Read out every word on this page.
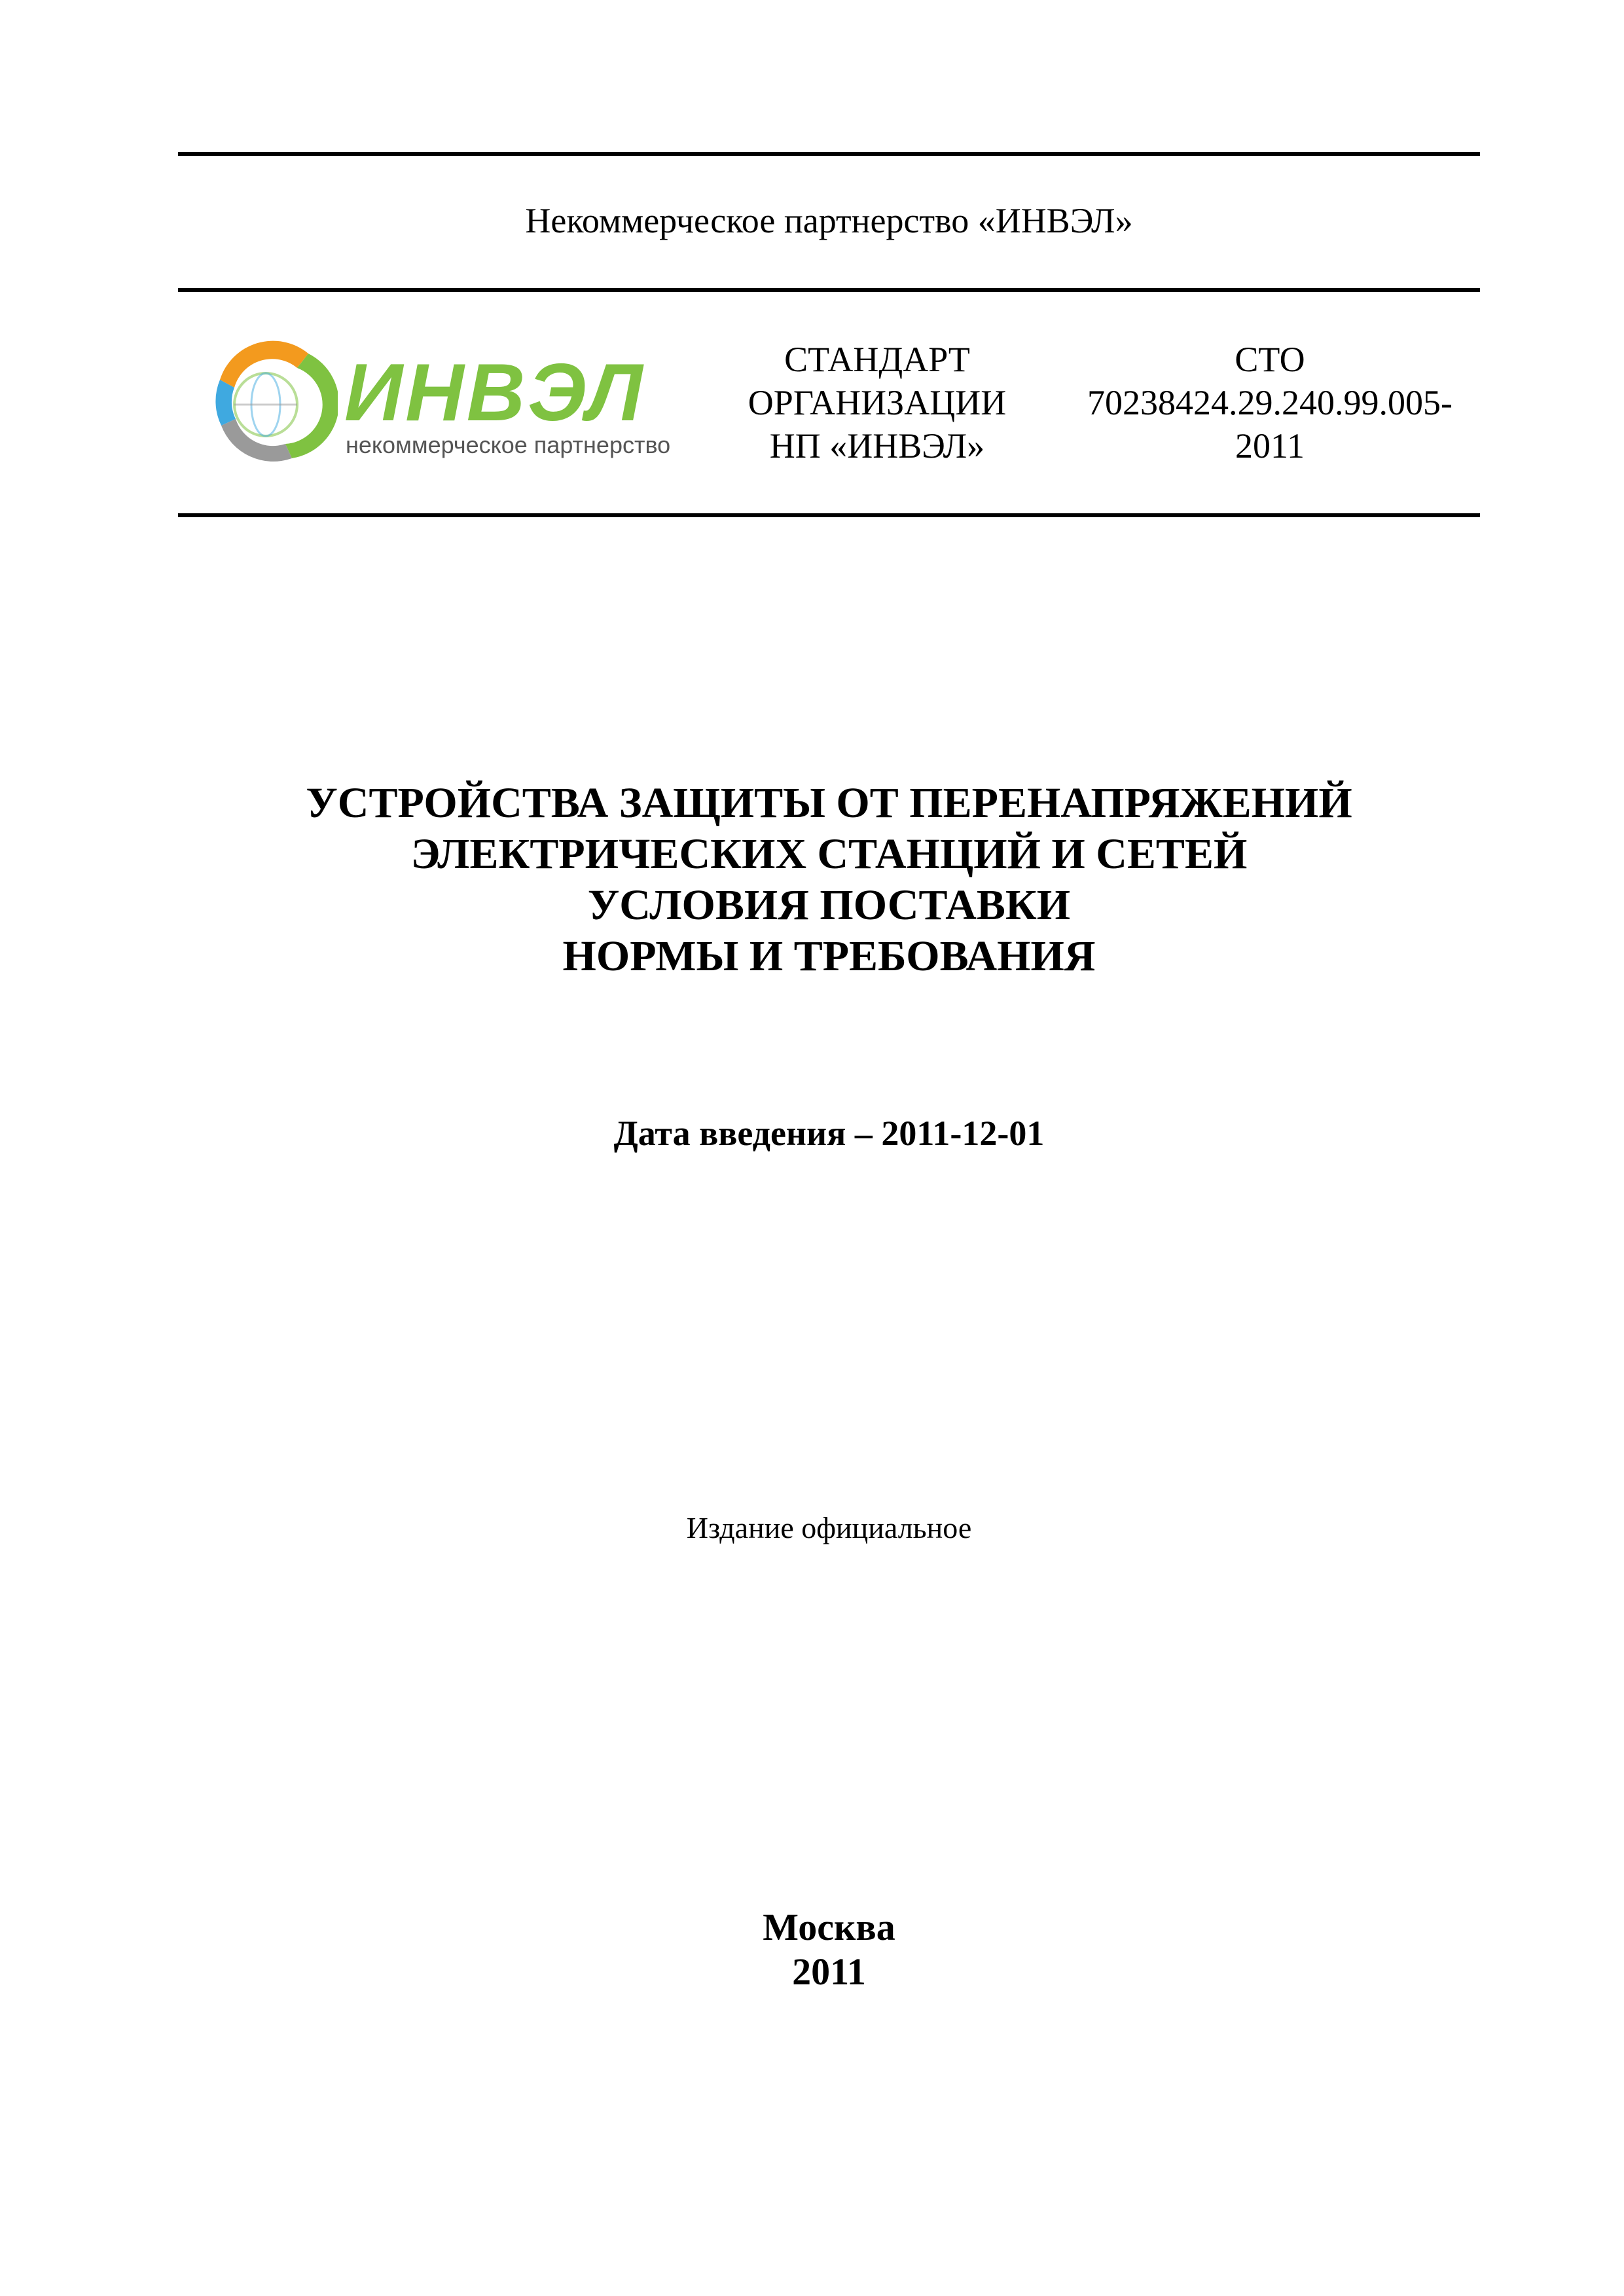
Некоммерческое партнерство «ИНВЭЛ»
ИНВЭЛ
некоммерческое партнерство
СТАНДАРТ
ОРГАНИЗАЦИИ
НП «ИНВЭЛ»
СТО
70238424.29.240.99.005-
2011
УСТРОЙСТВА ЗАЩИТЫ ОТ ПЕРЕНАПРЯЖЕНИЙ
ЭЛЕКТРИЧЕСКИХ СТАНЦИЙ И СЕТЕЙ
УСЛОВИЯ ПОСТАВКИ
НОРМЫ И ТРЕБОВАНИЯ
Дата введения – 2011-12-01
Издание официальное
Москва
2011
